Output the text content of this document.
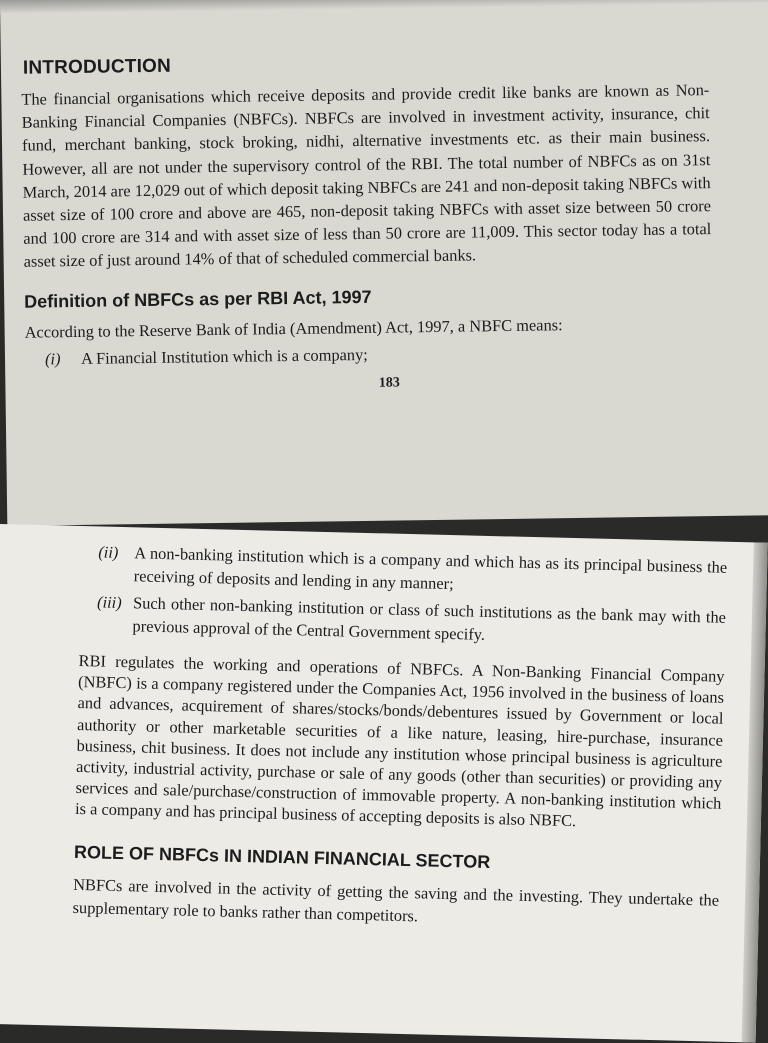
INTRODUCTION

The financial organisations which receive deposits and provide credit like banks are known as Non-Banking Financial Companies (NBFCs). NBFCs are involved in investment activity, insurance, chit fund, merchant banking, stock broking, nidhi, alternative investments etc. as their main business. However, all are not under the supervisory control of the RBI. The total number of NBFCs as on 31st March, 2014 are 12,029 out of which deposit taking NBFCs are 241 and non-deposit taking NBFCs with asset size of 100 crore and above are 465, non-deposit taking NBFCs with asset size between 50 crore and 100 crore are 314 and with asset size of less than 50 crore are 11,009. This sector today has a total asset size of just around 14% of that of scheduled commercial banks.

Definition of NBFCs as per RBI Act, 1997

According to the Reserve Bank of India (Amendment) Act, 1997, a NBFC means:

(i) A Financial Institution which is a company;
183
(ii) A non-banking institution which is a company and which has as its principal business the receiving of deposits and lending in any manner;
(iii) Such other non-banking institution or class of such institutions as the bank may with the previous approval of the Central Government specify.

RBI regulates the working and operations of NBFCs. A Non-Banking Financial Company (NBFC) is a company registered under the Companies Act, 1956 involved in the business of loans and advances, acquirement of shares/stocks/bonds/debentures issued by Government or local authority or other marketable securities of a like nature, leasing, hire-purchase, insurance business, chit business. It does not include any institution whose principal business is agriculture activity, industrial activity, purchase or sale of any goods (other than securities) or providing any services and sale/purchase/construction of immovable property. A non-banking institution which is a company and has principal business of accepting deposits is also NBFC.

ROLE OF NBFCs IN INDIAN FINANCIAL SECTOR

NBFCs are involved in the activity of getting the saving and the investing. They undertake the supplementary role to banks rather than competitors.
